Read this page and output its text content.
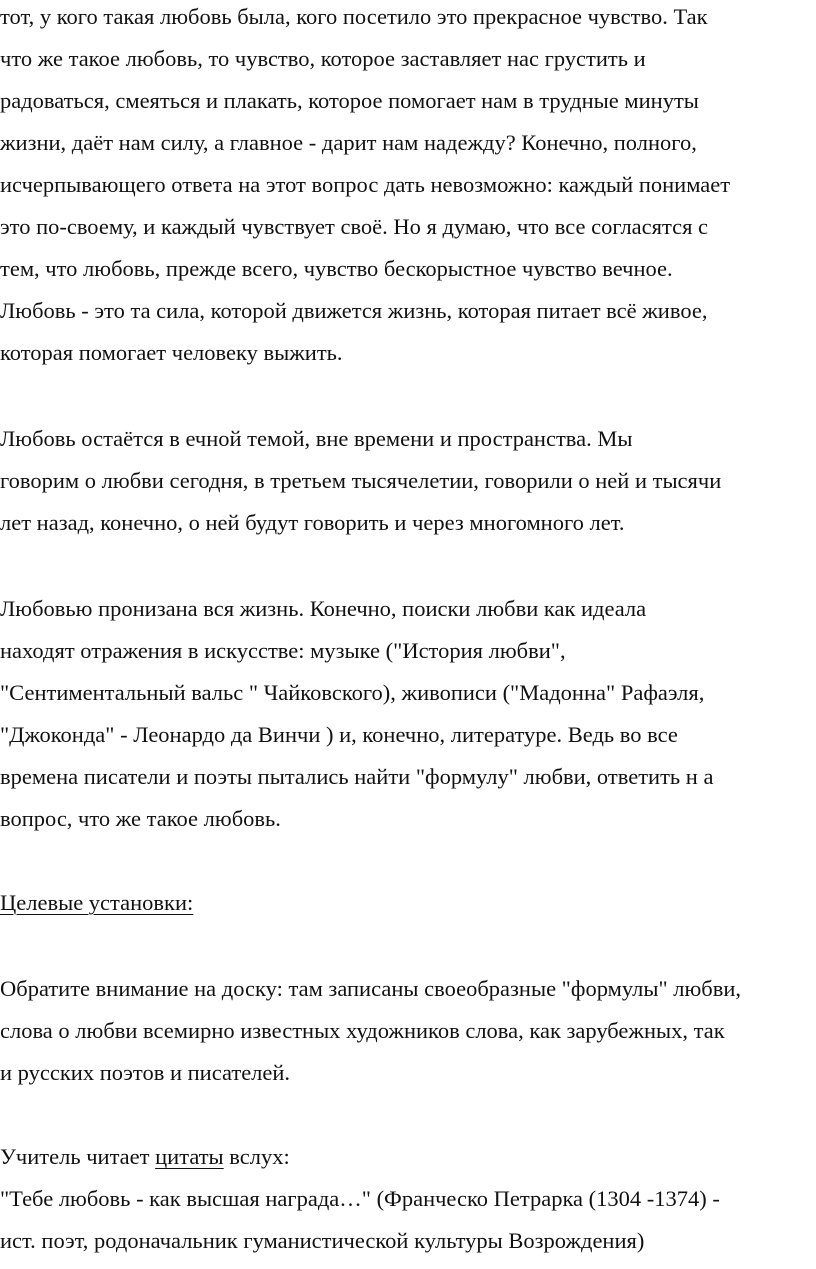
тот, у кого такая любовь была, кого посетило это прекрасное чувство. Так
что же такое любовь, то чувство, которое заставляет нас грустить и
радоваться, смеяться и плакать, которое помогает нам в трудные минуты
жизни, даёт нам силу, а главное - дарит нам надежду? Конечно, полного,
исчерпывающего ответа на этот вопрос дать невозможно: каждый понимает
это по-своему, и каждый чувствует своё. Но я думаю, что все согласятся с
тем, что любовь, прежде всего, чувство бескорыстное чувство вечное.
Любовь - это та сила, которой движется жизнь, которая питает всё живое,
которая помогает человеку выжить.
Любовь остаётся в ечной темой, вне времени и пространства. Мы
говорим о любви сегодня, в третьем тысячелетии, говорили о ней и тысячи
лет назад, конечно, о ней будут говорить и через многомного лет.
Любовью пронизана вся жизнь. Конечно, поиски любви как идеала
находят отражения в искусстве: музыке ("История любви",
"Сентиментальный вальс " Чайковского), живописи ("Мадонна" Рафаэля,
"Джоконда" - Леонардо да Винчи ) и, конечно, литературе. Ведь во все
времена писатели и поэты пытались найти "формулу" любви, ответить н а
вопрос, что же такое любовь.
Целевые установки:
Обратите внимание на доску: там записаны своеобразные "формулы" любви,
слова о любви всемирно известных художников слова, как зарубежных, так
и русских поэтов и писателей.
Учитель читает цитаты вслух:
"Тебе любовь - как высшая награда…" (Франческо Петрарка (1304 -1374) -
ист. поэт, родоначальник гуманистической культуры Возрождения)
